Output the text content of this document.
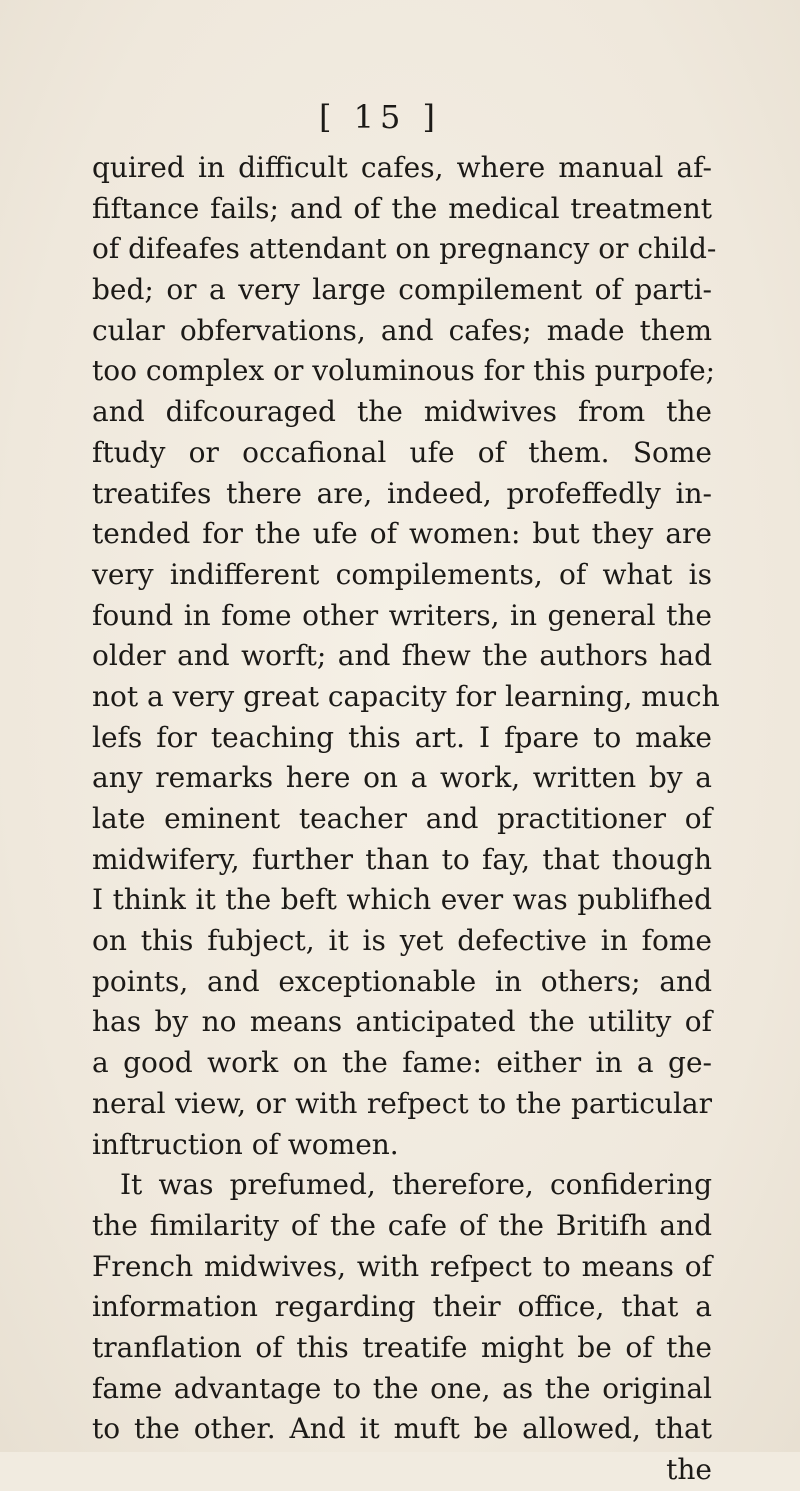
[ 15 ]
quired in difficult cafes, where manual af-
fiftance fails; and of the medical treatment
of difeafes attendant on pregnancy or child-
bed; or a very large compilement of parti-
cular obfervations, and cafes; made them
too complex or voluminous for this purpofe;
and difcouraged the midwives from the
ftudy or occafional ufe of them. Some
treatifes there are, indeed, profeffedly in-
tended for the ufe of women: but they are
very indifferent compilements, of what is
found in fome other writers, in general the
older and worft; and fhew the authors had
not a very great capacity for learning, much
lefs for teaching this art. I fpare to make
any remarks here on a work, written by a
late eminent teacher and practitioner of
midwifery, further than to fay, that though
I think it the beft which ever was publifhed
on this fubject, it is yet defective in fome
points, and exceptionable in others; and
has by no means anticipated the utility of
a good work on the fame: either in a ge-
neral view, or with refpect to the particular
inftruction of women.
It was prefumed, therefore, confidering
the fimilarity of the cafe of the Britifh and
French midwives, with refpect to means of
information regarding their office, that a
tranflation of this treatife might be of the
fame advantage to the one, as the original
to the other. And it muft be allowed, that
the
